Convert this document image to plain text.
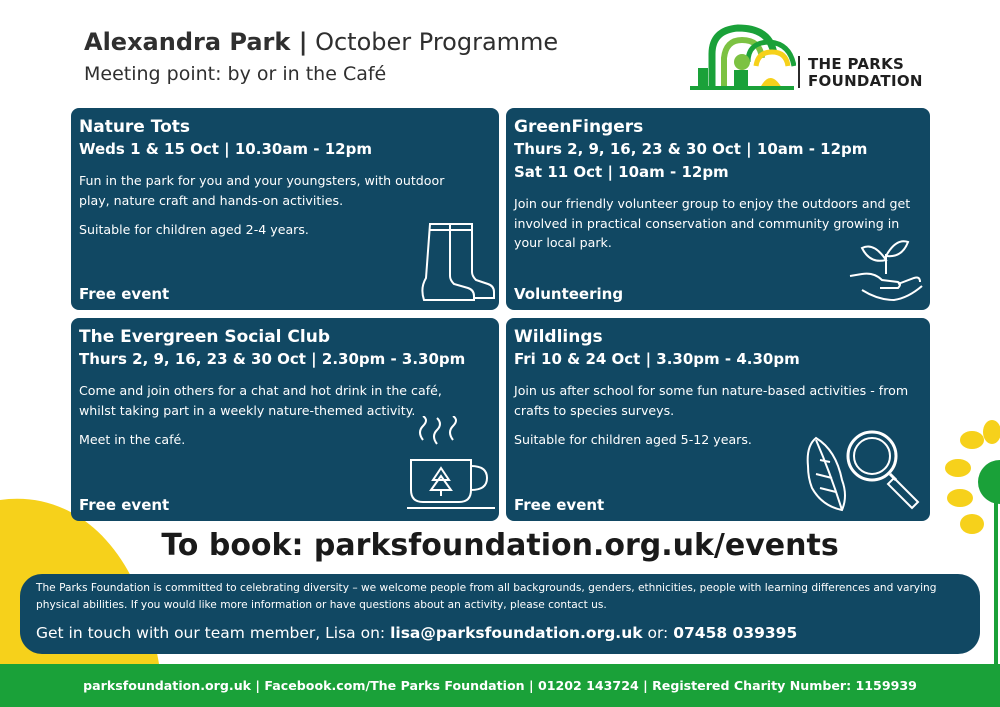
Alexandra Park | October Programme
Meeting point: by or in the Café	THE PARKS
FOUNDATION
Nature Tots
Weds 1 & 15 Oct | 10.30am - 12pm

Fun in the park for you and your youngsters, with outdoor play, nature craft and hands-on activities.

Suitable for children aged 2-4 years.

Free event
GreenFingers
Thurs 2, 9, 16, 23 & 30 Oct | 10am - 12pm
Sat 11 Oct | 10am - 12pm

Join our friendly volunteer group to enjoy the outdoors and get involved in practical conservation and community growing in your local park.

Volunteering
The Evergreen Social Club
Thurs 2, 9, 16, 23 & 30 Oct | 2.30pm - 3.30pm

Come and join others for a chat and hot drink in the café, whilst taking part in a weekly nature-themed activity.

Meet in the café.

Free event
Wildlings
Fri 10 & 24 Oct | 3.30pm - 4.30pm

Join us after school for some fun nature-based activities - from crafts to species surveys.

Suitable for children aged 5-12 years.

Free event
To book: parksfoundation.org.uk/events
The Parks Foundation is committed to celebrating diversity – we welcome people from all backgrounds, genders, ethnicities, people with learning differences and varying physical abilities. If you would like more information or have questions about an activity, please contact us.
Get in touch with our team member, Lisa on: lisa@parksfoundation.org.uk or: 07458 039395
parksfoundation.org.uk | Facebook.com/The Parks Foundation | 01202 143724 | Registered Charity Number: 1159939
